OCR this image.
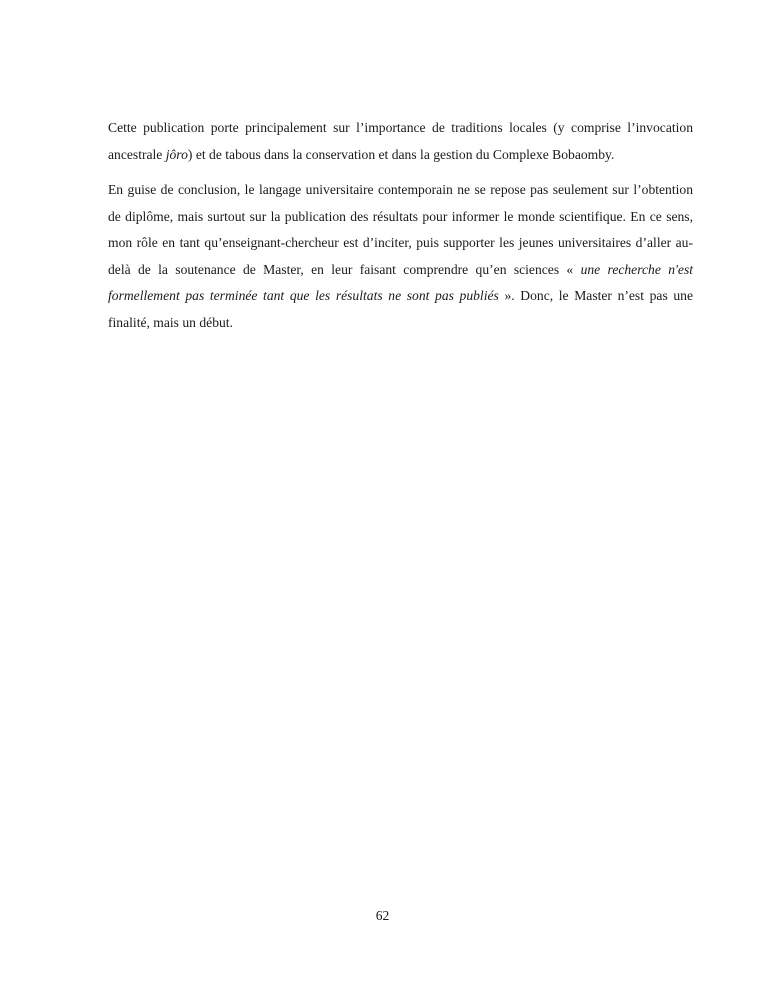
Cette publication porte principalement sur l’importance de traditions locales (y comprise l’invocation ancestrale jôro) et de tabous dans la conservation et dans la gestion du Complexe Bobaomby.

En guise de conclusion, le langage universitaire contemporain ne se repose pas seulement sur l’obtention de diplôme, mais surtout sur la publication des résultats pour informer le monde scientifique. En ce sens, mon rôle en tant qu’enseignant-chercheur est d’inciter, puis supporter les jeunes universitaires d’aller au-delà de la soutenance de Master, en leur faisant comprendre qu’en sciences « une recherche n'est formellement pas terminée tant que les résultats ne sont pas publiés ». Donc, le Master n’est pas une finalité, mais un début.

62
